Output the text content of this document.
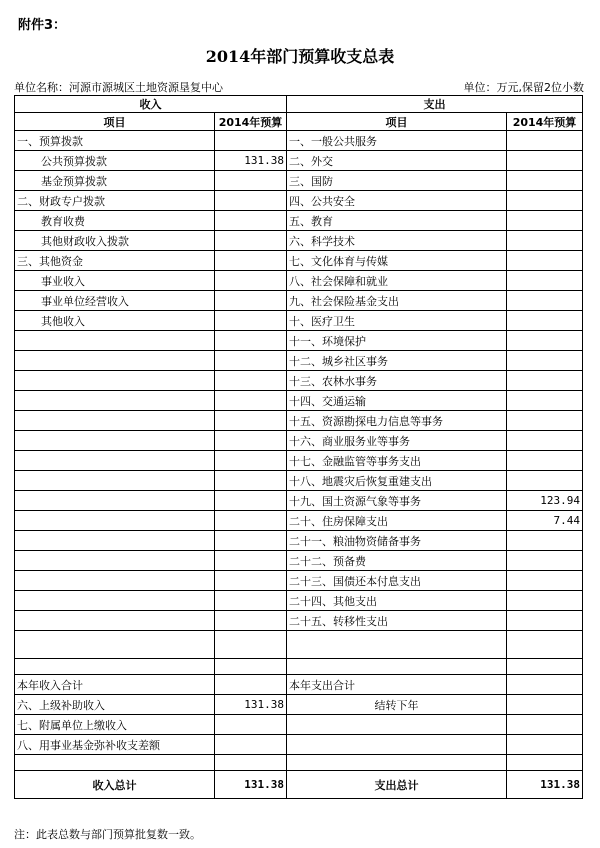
附件3：
2014年部门预算收支总表
单位名称：河源市源城区土地资源垦复中心	单位：万元,保留2位小数
收入		支出	
项目	2014年预算	项目	2014年预算
一、预算拨款		一、一般公共服务	
公共预算拨款	131.38	二、外交	
基金预算拨款		三、国防	
二、财政专户拨款		四、公共安全	
教育收费		五、教育	
其他财政收入拨款		六、科学技术	
三、其他资金		七、文化体育与传媒	
事业收入		八、社会保障和就业	
事业单位经营收入		九、社会保险基金支出	
其他收入		十、医疗卫生	
		十一、环境保护	
		十二、城乡社区事务	
		十三、农林水事务	
		十四、交通运输	
		十五、资源勘探电力信息等事务	
		十六、商业服务业等事务	
		十七、金融监管等事务支出	
		十八、地震灾后恢复重建支出	
		十九、国土资源气象等事务	123.94
		二十、住房保障支出	7.44
		二十一、粮油物资储备事务	
		二十二、预备费	
		二十三、国债还本付息支出	
		二十四、其他支出	
		二十五、转移性支出	

本年收入合计		本年支出合计	
六、上级补助收入	131.38	结转下年	
七、附属单位上缴收入			
八、用事业基金弥补收支差额			

收入总计	131.38	支出总计	131.38
注：此表总数与部门预算批复数一致。
